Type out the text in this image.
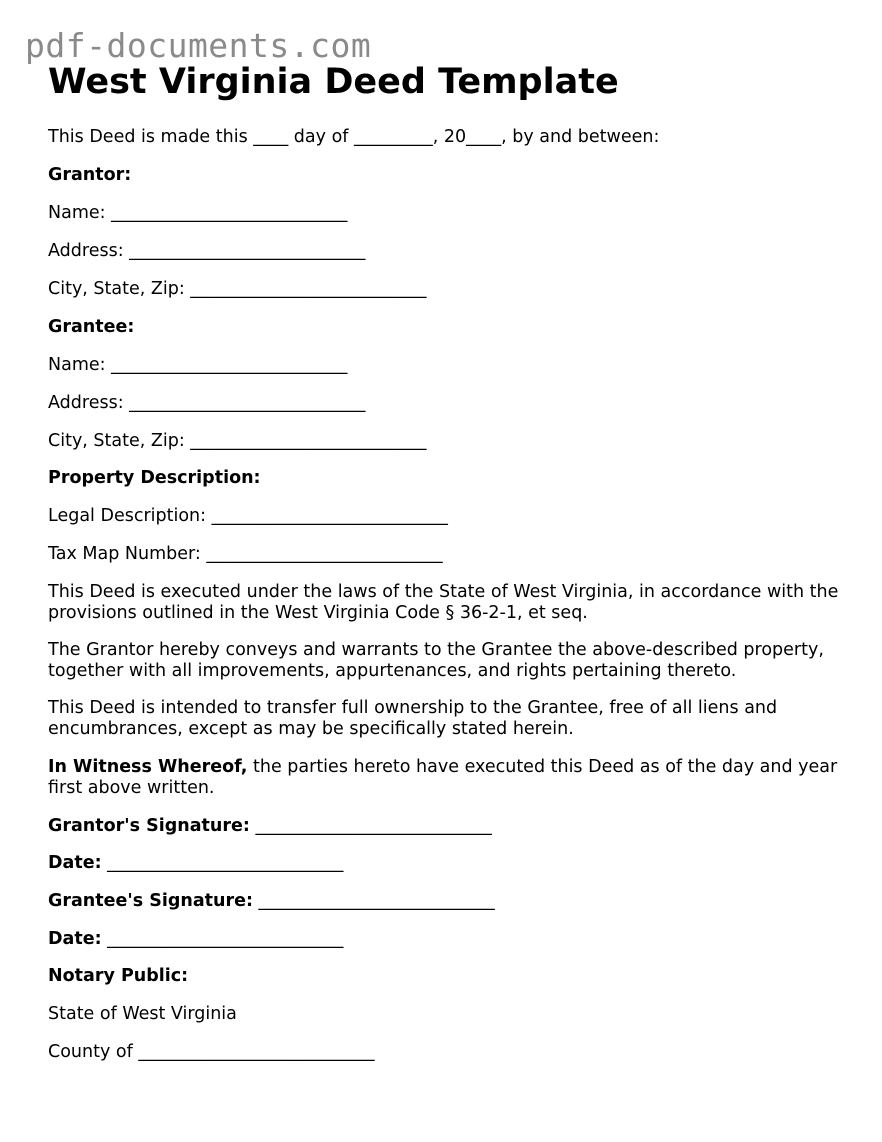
pdf-documents.com
West Virginia Deed Template

This Deed is made this ____ day of _________, 20____, by and between:

Grantor:

Name: ___________________________

Address: ___________________________

City, State, Zip: ___________________________

Grantee:

Name: ___________________________

Address: ___________________________

City, State, Zip: ___________________________

Property Description:

Legal Description: ___________________________

Tax Map Number: ___________________________

This Deed is executed under the laws of the State of West Virginia, in accordance with the provisions outlined in the West Virginia Code § 36-2-1, et seq.

The Grantor hereby conveys and warrants to the Grantee the above-described property, together with all improvements, appurtenances, and rights pertaining thereto.

This Deed is intended to transfer full ownership to the Grantee, free of all liens and encumbrances, except as may be specifically stated herein.

In Witness Whereof, the parties hereto have executed this Deed as of the day and year first above written.

Grantor's Signature: ___________________________

Date: ___________________________

Grantee's Signature: ___________________________

Date: ___________________________

Notary Public:

State of West Virginia

County of ___________________________
